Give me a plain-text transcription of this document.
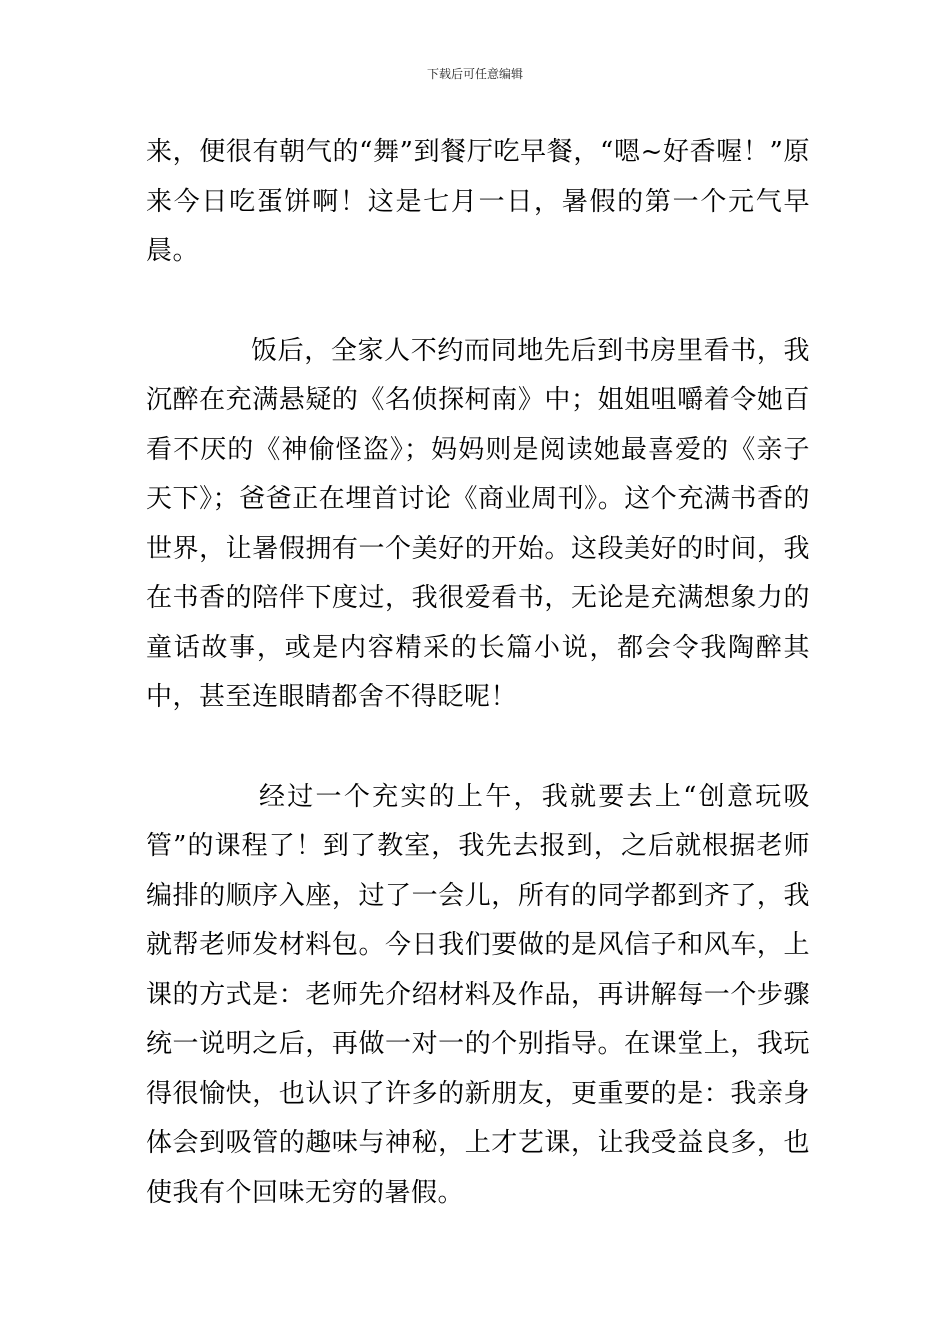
下载后可任意编辑

来，便很有朝气的“舞”到餐厅吃早餐，“嗯~好香喔！”原来今日吃蛋饼啊！这是七月一日，暑假的第一个元气早晨。

饭后，全家人不约而同地先后到书房里看书，我沉醉在充满悬疑的《名侦探柯南》中；姐姐咀嚼着令她百看不厌的《神偷怪盗》；妈妈则是阅读她最喜爱的《亲子天下》；爸爸正在埋首讨论《商业周刊》。这个充满书香的世界，让暑假拥有一个美好的开始。这段美好的时间，我在书香的陪伴下度过，我很爱看书，无论是充满想象力的童话故事，或是内容精采的长篇小说，都会令我陶醉其中，甚至连眼睛都舍不得眨呢！

经过一个充实的上午，我就要去上“创意玩吸管”的课程了！到了教室，我先去报到，之后就根据老师编排的顺序入座，过了一会儿，所有的同学都到齐了，我就帮老师发材料包。今日我们要做的是风信子和风车，上课的方式是：老师先介绍材料及作品，再讲解每一个步骤统一说明之后，再做一对一的个别指导。在课堂上，我玩得很愉快，也认识了许多的新朋友，更重要的是：我亲身体会到吸管的趣味与神秘，上才艺课，让我受益良多，也使我有个回味无穷的暑假。
